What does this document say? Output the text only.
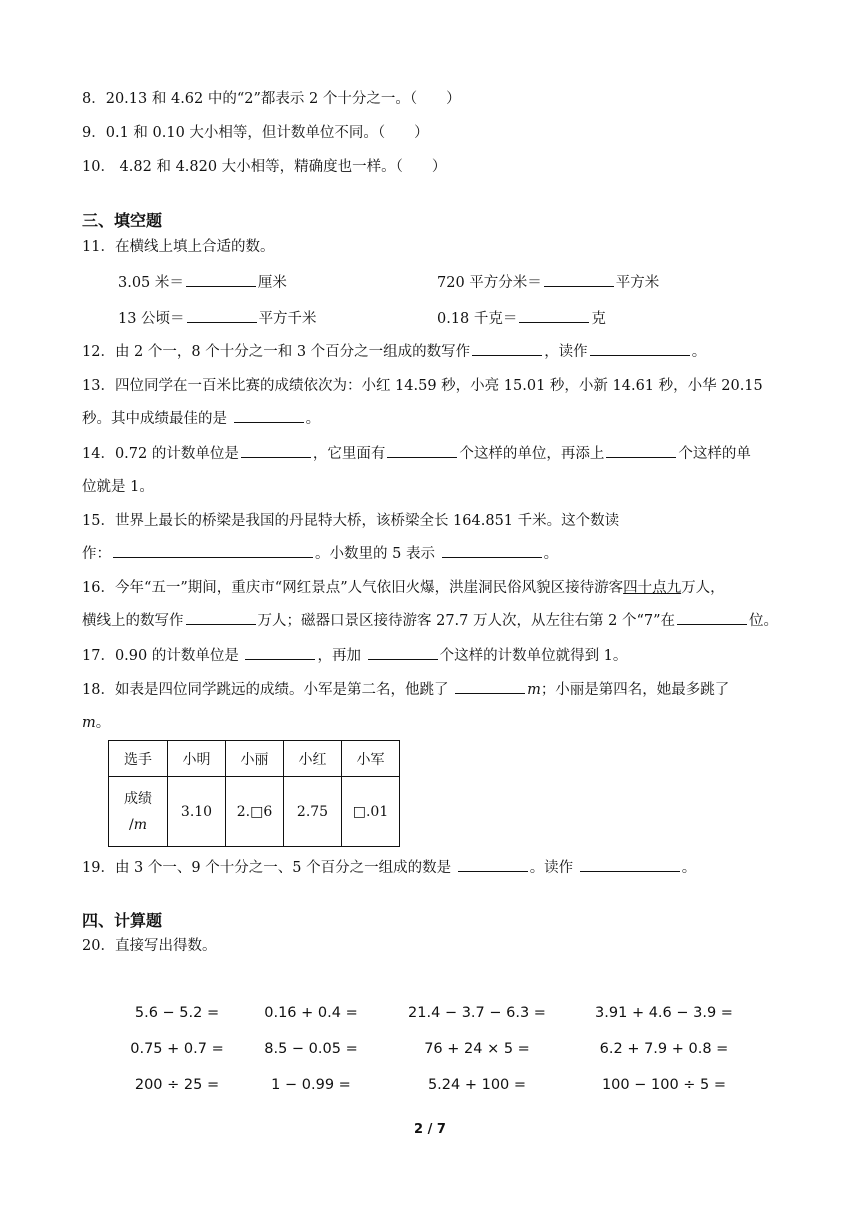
8．20.13 和 4.62 中的“2”都表示 2 个十分之一。（　　）
9．0.1 和 0.10 大小相等，但计数单位不同。（　　）
10． 4.82 和 4.820 大小相等，精确度也一样。（　　）
三、填空题
11．在横线上填上合适的数。
3.05 米＝	厘米	720 平方分米＝	平方米
13 公顷＝	平方千米	0.18 千克＝	克
12．由 2 个一，8 个十分之一和 3 个百分之一组成的数写作	，读作	。
13．四位同学在一百米比赛的成绩依次为：小红 14.59 秒，小亮 15.01 秒，小新 14.61 秒，小华 20.15
秒。其中成绩最佳的是	。
14．0.72 的计数单位是	，它里面有	个这样的单位，再添上	个这样的单
位就是 1。
15．世界上最长的桥梁是我国的丹昆特大桥，该桥梁全长 164.851 千米。这个数读
作：	。小数里的 5 表示	。
16．今年“五一”期间，重庆市“网红景点”人气依旧火爆，洪崖洞民俗风貌区接待游客四十点九万人，
横线上的数写作	万人；磁器口景区接待游客 27.7 万人次，从左往右第 2 个“7”在	位。
17．0.90 的计数单位是	，再加	个这样的计数单位就得到 1。
18．如表是四位同学跳远的成绩。小军是第二名，他跳了	m；小丽是第四名，她最多跳了
m。
选手	小明	小丽	小红	小军

成绩
/m	3.10	2.□6	2.75	□.01
19．由 3 个一、9 个十分之一、5 个百分之一组成的数是	。读作	。
四、计算题
20．直接写出得数。
5.6 − 5.2 =	0.16 + 0.4 =	21.4 − 3.7 − 6.3 =	3.91 + 4.6 − 3.9 =
0.75 + 0.7 =	8.5 − 0.05 =	76 + 24 × 5 =	6.2 + 7.9 + 0.8 =
200 ÷ 25 =	1 − 0.99 =	5.24 + 100 =	100 − 100 ÷ 5 =
2 / 7
